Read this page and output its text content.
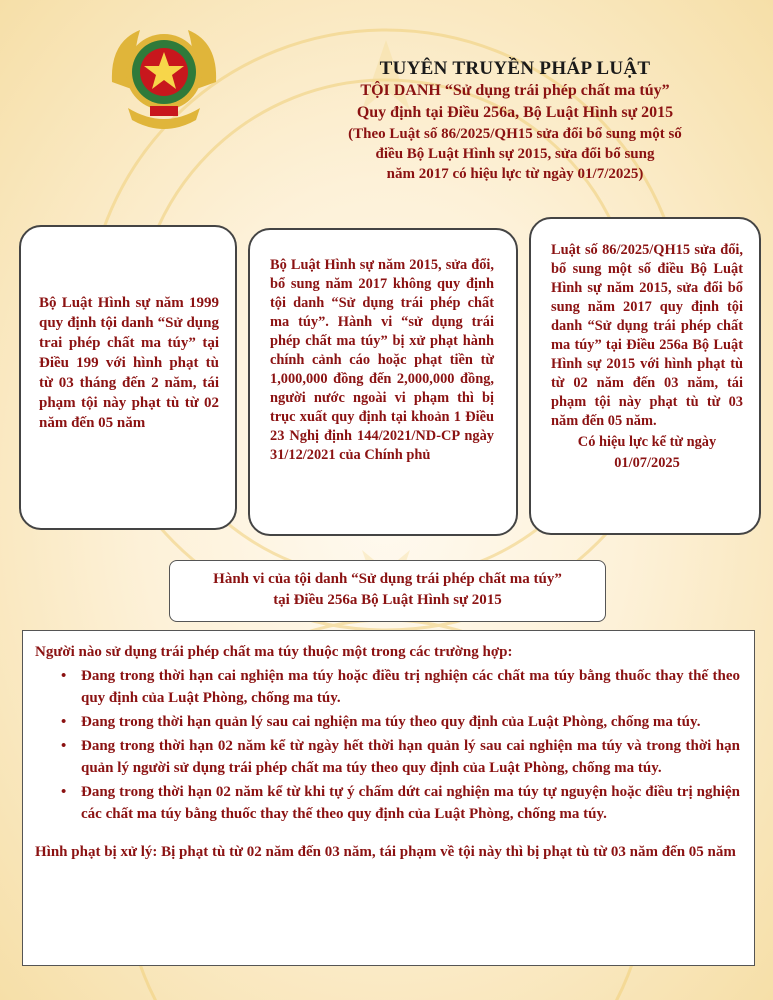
TUYÊN TRUYỀN PHÁP LUẬT
TỘI DANH “Sử dụng trái phép chất ma túy”
Quy định tại Điều 256a, Bộ Luật Hình sự 2015
(Theo Luật số 86/2025/QH15 sửa đổi bổ sung một số
điều Bộ Luật Hình sự 2015, sửa đổi bổ sung
năm 2017 có hiệu lực từ ngày 01/7/2025)
Bộ Luật Hình sự năm 1999 quy định tội danh “Sử dụng trai phép chất ma túy” tại Điều 199 với hình phạt tù từ 03 tháng đến 2 năm, tái phạm tội này phạt tù từ 02 năm đến 05 năm
Bộ Luật Hình sự năm 2015, sửa đổi, bổ sung năm 2017 không quy định tội danh “Sử dụng trái phép chất ma túy”. Hành vi “sử dụng trái phép chất ma túy” bị xử phạt hành chính cảnh cáo hoặc phạt tiền từ 1,000,000 đồng đến 2,000,000 đồng, người nước ngoài vi phạm thì bị trục xuất quy định tại khoản 1 Điều 23 Nghị định 144/2021/ND-CP ngày 31/12/2021 của Chính phủ
Luật số 86/2025/QH15 sửa đổi, bổ sung một số điều Bộ Luật Hình sự năm 2015, sửa đổi bổ sung năm 2017 quy định tội danh “Sử dụng trái phép chất ma túy” tại Điều 256a Bộ Luật Hình sự 2015 với hình phạt tù từ 02 năm đến 03 năm, tái phạm tội này phạt tù từ 03 năm đến 05 năm.
Có hiệu lực kể từ ngày
01/07/2025
Hành vi của tội danh “Sử dụng trái phép chất ma túy”
tại Điều 256a Bộ Luật Hình sự 2015

Người nào sử dụng trái phép chất ma túy thuộc một trong các trường hợp:

• Đang trong thời hạn cai nghiện ma túy hoặc điều trị nghiện các chất ma túy bằng thuốc thay thế theo quy định của Luật Phòng, chống ma túy.
• Đang trong thời hạn quản lý sau cai nghiện ma túy theo quy định của Luật Phòng, chống ma túy.
• Đang trong thời hạn 02 năm kể từ ngày hết thời hạn quản lý sau cai nghiện ma túy và trong thời hạn quản lý người sử dụng trái phép chất ma túy theo quy định của Luật Phòng, chống ma túy.
• Đang trong thời hạn 02 năm kể từ khi tự ý chấm dứt cai nghiện ma túy tự nguyện hoặc điều trị nghiện các chất ma túy bằng thuốc thay thế theo quy định của Luật Phòng, chống ma túy.

Hình phạt bị xử lý: Bị phạt tù từ 02 năm đến 03 năm, tái phạm về tội này thì bị phạt tù từ 03 năm đến 05 năm
